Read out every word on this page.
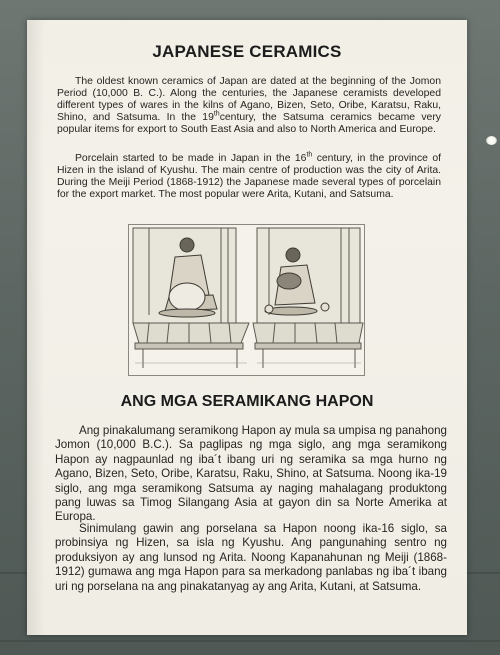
JAPANESE CERAMICS
The oldest known ceramics of Japan are dated at the beginning of the Jomon Period (10,000 B. C.). Along the centuries, the Japanese ceramists developed different types of wares in the kilns of Agano, Bizen, Seto, Oribe, Karatsu, Raku, Shino, and Satsuma. In the 19thcentury, the Satsuma ceramics became very popular items for export to South East Asia and also to North America and Europe.
Porcelain started to be made in Japan in the 16th century, in the province of Hizen in the island of Kyushu. The main centre of production was the city of Arita. During the Meiji Period (1868-1912) the Japanese made several types of porcelain for the export market. The most popular were Arita, Kutani, and Satsuma.
ANG MGA SERAMIKANG HAPON
Ang pinakalumang seramikong Hapon ay mula sa umpisa ng panahong Jomon (10,000 B.C.). Sa paglipas ng mga siglo, ang mga seramikong Hapon ay nagpaunlad ng iba´t ibang uri ng seramika sa mga hurno ng Agano, Bizen, Seto, Oribe, Karatsu, Raku, Shino, at Satsuma. Noong ika-19 siglo, ang mga seramikong Satsuma ay naging mahalagang produktong pang luwas sa Timog Silangang Asia at gayon din sa Norte Amerika at Europa.
Sinimulang gawin ang porselana sa Hapon noong ika-16 siglo, sa probinsiya ng Hizen, sa isla ng Kyushu. Ang pangunahing sentro ng produksiyon ay ang lunsod ng Arita. Noong Kapanahunan ng Meiji (1868-1912) gumawa ang mga Hapon para sa merkadong panlabas ng iba´t ibang uri ng porselana na ang pinakatanyag ay ang Arita, Kutani, at Satsuma.
